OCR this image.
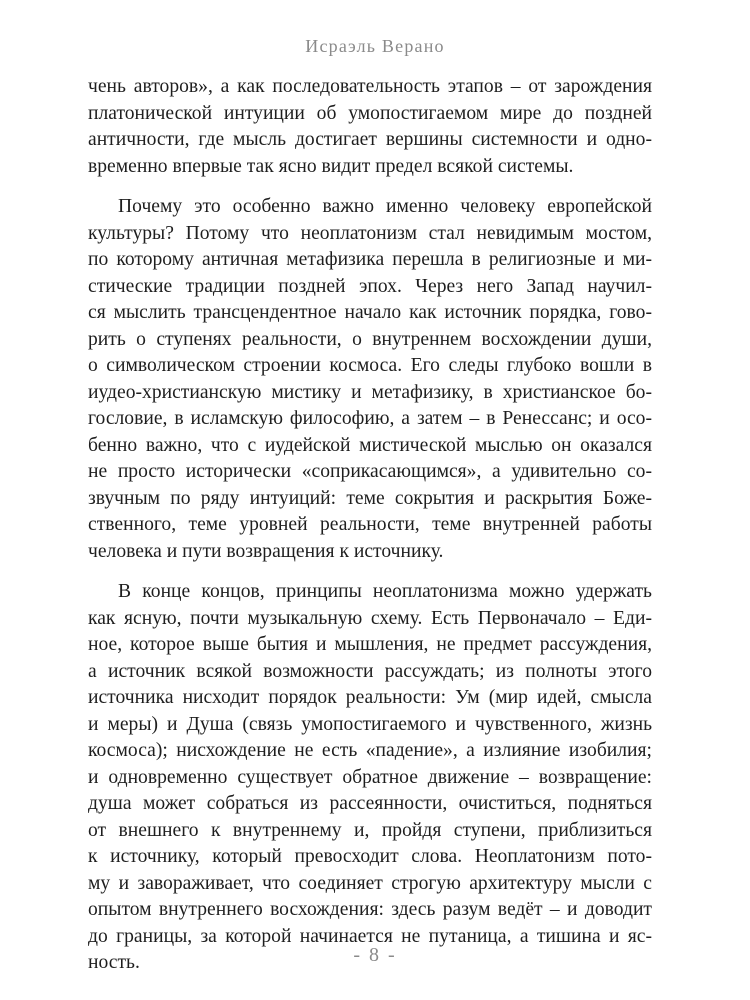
Исраэль Верано
чень авторов», а как последовательность этапов – от зарождения
платонической интуиции об умопостигаемом мире до поздней
античности, где мысль достигает вершины системности и одно-
временно впервые так ясно видит предел всякой системы.
Почему это особенно важно именно человеку европейской
культуры? Потому что неоплатонизм стал невидимым мостом,
по которому античная метафизика перешла в религиозные и ми-
стические традиции поздней эпох. Через него Запад научил-
ся мыслить трансцендентное начало как источник порядка, гово-
рить о ступенях реальности, о внутреннем восхождении души,
о символическом строении космоса. Его следы глубоко вошли в
иудео-христианскую мистику и метафизику, в христианское бо-
гословие, в исламскую философию, а затем – в Ренессанс; и осо-
бенно важно, что с иудейской мистической мыслью он оказался
не просто исторически «соприкасающимся», а удивительно со-
звучным по ряду интуиций: теме сокрытия и раскрытия Боже-
ственного, теме уровней реальности, теме внутренней работы
человека и пути возвращения к источнику.
В конце концов, принципы неоплатонизма можно удержать
как ясную, почти музыкальную схему. Есть Первоначало – Еди-
ное, которое выше бытия и мышления, не предмет рассуждения,
а источник всякой возможности рассуждать; из полноты этого
источника нисходит порядок реальности: Ум (мир идей, смысла
и меры) и Душа (связь умопостигаемого и чувственного, жизнь
космоса); нисхождение не есть «падение», а излияние изобилия;
и одновременно существует обратное движение – возвращение:
душа может собраться из рассеянности, очиститься, подняться
от внешнего к внутреннему и, пройдя ступени, приблизиться
к источнику, который превосходит слова. Неоплатонизм пото-
му и завораживает, что соединяет строгую архитектуру мысли с
опытом внутреннего восхождения: здесь разум ведёт – и доводит
до границы, за которой начинается не путаница, а тишина и яс-
ность.	- 8 -
